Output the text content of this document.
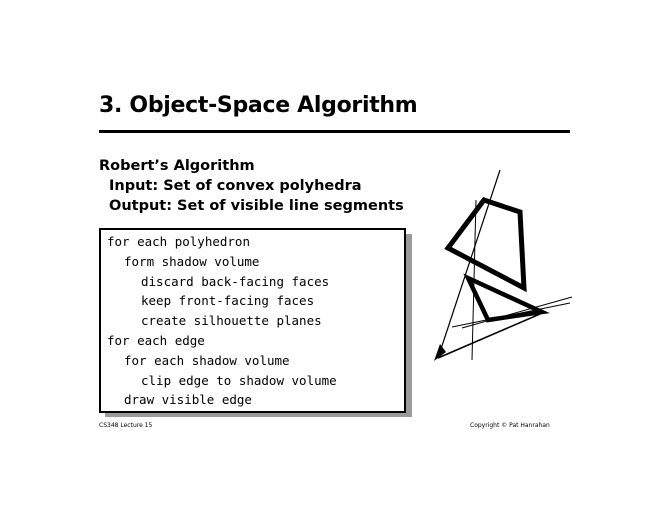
3. Object-Space Algorithm
Robert’s Algorithm
Input: Set of convex polyhedra
Output: Set of visible line segments
for each polyhedron
form shadow volume
discard back-facing faces
keep front-facing faces
create silhouette planes
for each edge
for each shadow volume
clip edge to shadow volume
draw visible edge
CS348 Lecture 15	Copyright © Pat Hanrahan
